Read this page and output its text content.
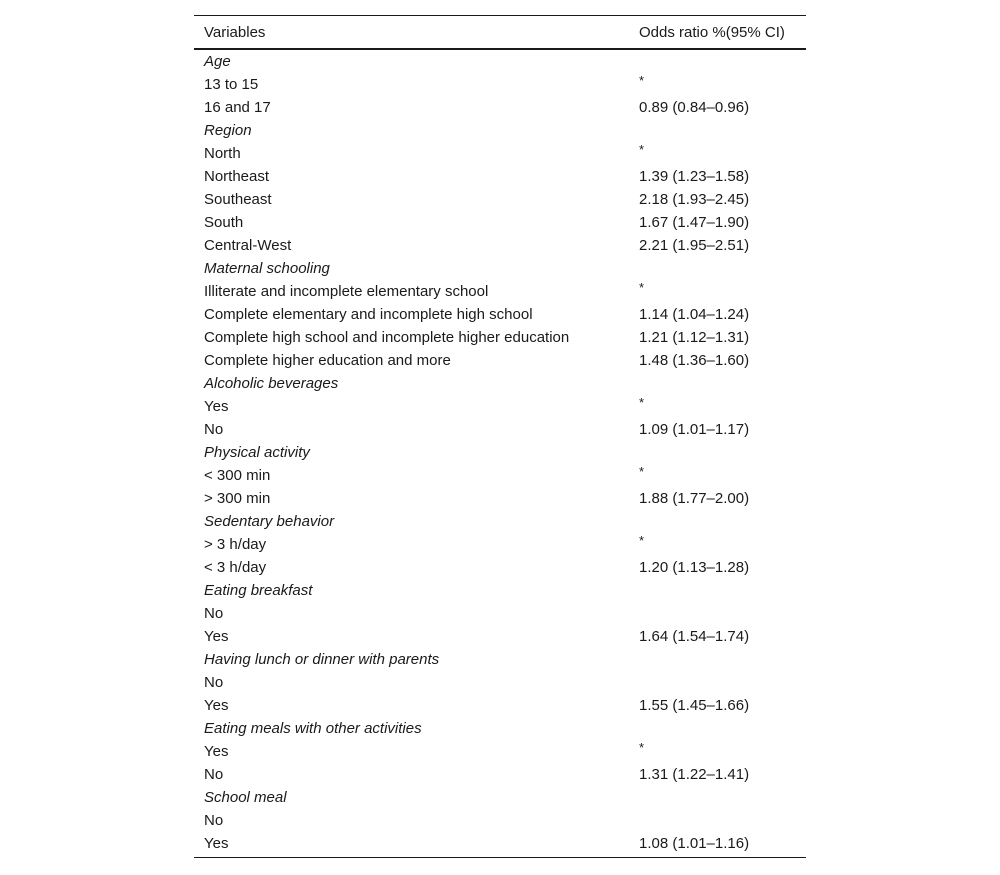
Variables	Odds ratio %(95% CI)
Age	
13 to 15	*
16 and 17	0.89 (0.84–0.96)
Region	
North	*
Northeast	1.39 (1.23–1.58)
Southeast	2.18 (1.93–2.45)
South	1.67 (1.47–1.90)
Central-West	2.21 (1.95–2.51)
Maternal schooling	
Illiterate and incomplete elementary school	*
Complete elementary and incomplete high school	1.14 (1.04–1.24)
Complete high school and incomplete higher education	1.21 (1.12–1.31)
Complete higher education and more	1.48 (1.36–1.60)
Alcoholic beverages	
Yes	*
No	1.09 (1.01–1.17)
Physical activity	
< 300 min	*
> 300 min	1.88 (1.77–2.00)
Sedentary behavior	
> 3 h/day	*
< 3 h/day	1.20 (1.13–1.28)
Eating breakfast	
No	
Yes	1.64 (1.54–1.74)
Having lunch or dinner with parents	
No	
Yes	1.55 (1.45–1.66)
Eating meals with other activities	
Yes	*
No	1.31 (1.22–1.41)
School meal	
No	
Yes	1.08 (1.01–1.16)
